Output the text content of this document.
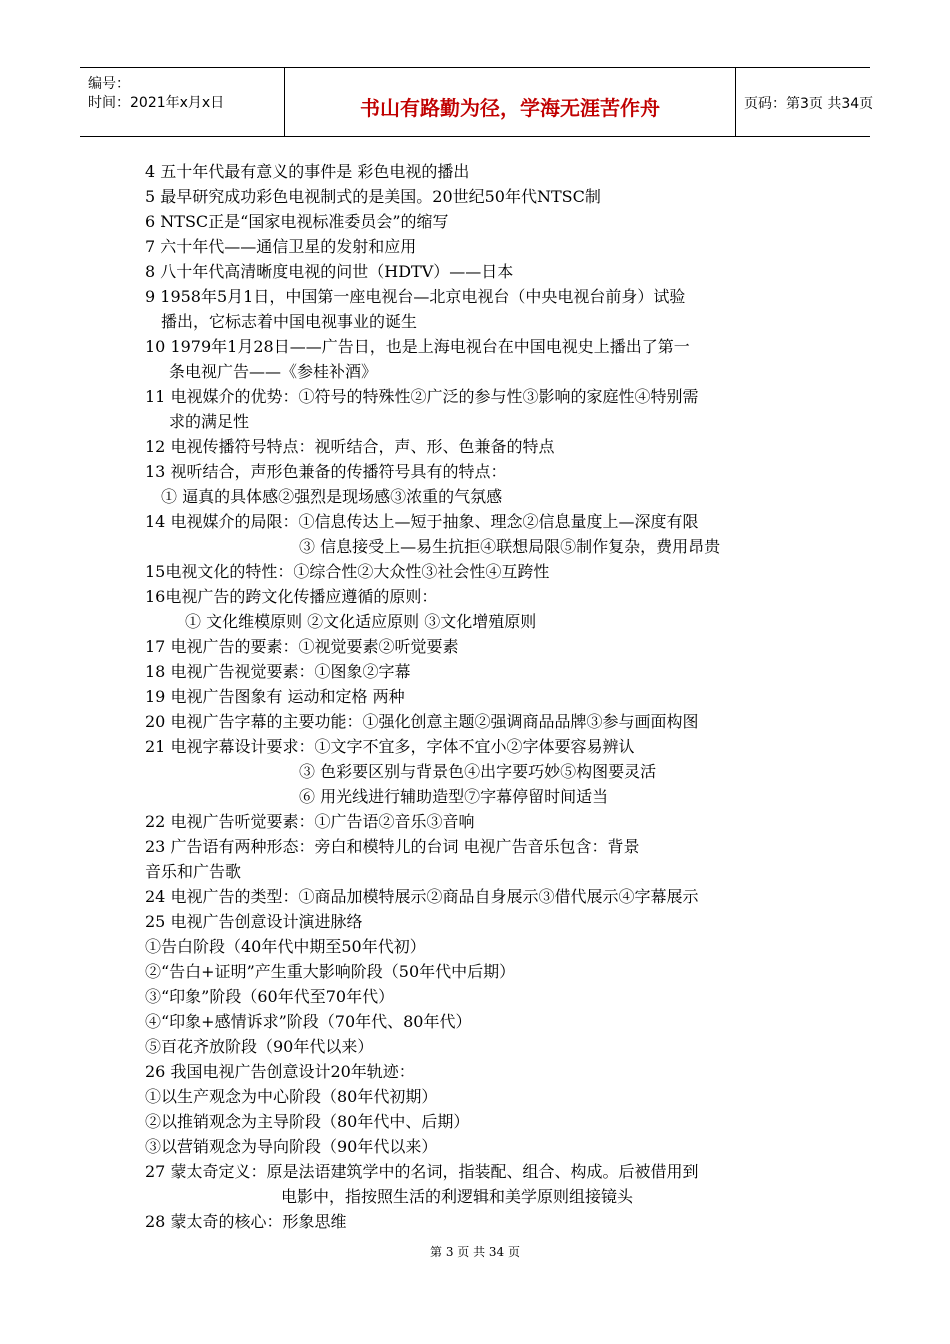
编号：
时间：2021年x月x日	书山有路勤为径，学海无涯苦作舟	页码：第3页 共34页
4 五十年代最有意义的事件是 彩色电视的播出
5 最早研究成功彩色电视制式的是美国。20世纪50年代NTSC制
6 NTSC正是“国家电视标准委员会”的缩写
7 六十年代——通信卫星的发射和应用
8 八十年代高清晰度电视的问世（HDTV）——日本
9 1958年5月1日，中国第一座电视台—北京电视台（中央电视台前身）试验
播出，它标志着中国电视事业的诞生
10 1979年1月28日——广告日，也是上海电视台在中国电视史上播出了第一
条电视广告——《参桂补酒》
11 电视媒介的优势：①符号的特殊性②广泛的参与性③影响的家庭性④特别需
求的满足性
12 电视传播符号特点：视听结合，声、形、色兼备的特点
13 视听结合，声形色兼备的传播符号具有的特点：
① 逼真的具体感②强烈是现场感③浓重的气氛感
14 电视媒介的局限：①信息传达上—短于抽象、理念②信息量度上—深度有限
③ 信息接受上—易生抗拒④联想局限⑤制作复杂，费用昂贵
15电视文化的特性：①综合性②大众性③社会性④互跨性
16电视广告的跨文化传播应遵循的原则：
① 文化维模原则 ②文化适应原则 ③文化增殖原则
17 电视广告的要素：①视觉要素②听觉要素
18 电视广告视觉要素：①图象②字幕
19 电视广告图象有 运动和定格 两种
20 电视广告字幕的主要功能：①强化创意主题②强调商品品牌③参与画面构图
21 电视字幕设计要求：①文字不宜多，字体不宜小②字体要容易辨认
③ 色彩要区别与背景色④出字要巧妙⑤构图要灵活
⑥ 用光线进行辅助造型⑦字幕停留时间适当
22 电视广告听觉要素：①广告语②音乐③音响
23 广告语有两种形态：旁白和模特儿的台词 电视广告音乐包含：背景
音乐和广告歌
24 电视广告的类型：①商品加模特展示②商品自身展示③借代展示④字幕展示
25 电视广告创意设计演进脉络
①告白阶段（40年代中期至50年代初）
②“告白+证明”产生重大影响阶段（50年代中后期）
③“印象”阶段（60年代至70年代）
④“印象+感情诉求”阶段（70年代、80年代）
⑤百花齐放阶段（90年代以来）
26 我国电视广告创意设计20年轨迹：
①以生产观念为中心阶段（80年代初期）
②以推销观念为主导阶段（80年代中、后期）
③以营销观念为导向阶段（90年代以来）
27 蒙太奇定义：原是法语建筑学中的名词，指装配、组合、构成。后被借用到
电影中，指按照生活的利逻辑和美学原则组接镜头
28 蒙太奇的核心：形象思维
第 3 页 共 34 页
